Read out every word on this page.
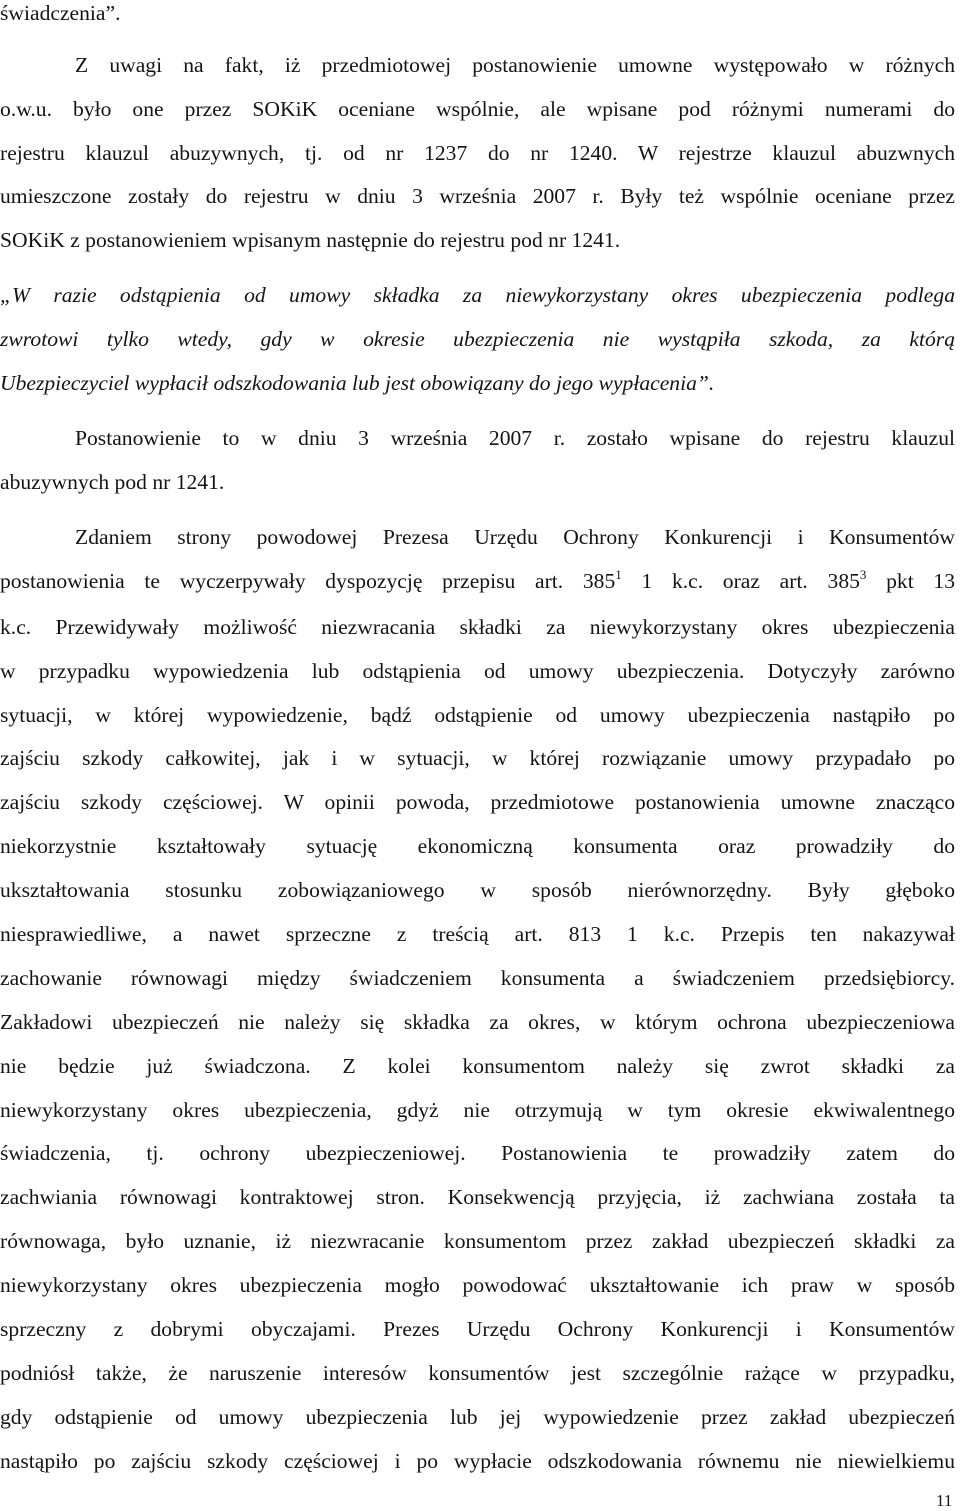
świadczenia”.
Z uwagi na fakt, iż przedmiotowej postanowienie umowne występowało w różnych
o.w.u. było one przez SOKiK oceniane wspólnie, ale wpisane pod różnymi numerami do
rejestru klauzul abuzywnych, tj. od nr 1237 do nr 1240. W rejestrze klauzul abuzwnych
umieszczone zostały do rejestru w dniu 3 września 2007 r. Były też wspólnie oceniane przez
SOKiK z postanowieniem wpisanym następnie do rejestru pod nr 1241.
„W razie odstąpienia od umowy składka za niewykorzystany okres ubezpieczenia podlega
zwrotowi tylko wtedy, gdy w okresie ubezpieczenia nie wystąpiła szkoda, za którą
Ubezpieczyciel wypłacił odszkodowania lub jest obowiązany do jego wypłacenia”.
Postanowienie to w dniu 3 września 2007 r. zostało wpisane do rejestru klauzul
abuzywnych pod nr 1241.
Zdaniem strony powodowej Prezesa Urzędu Ochrony Konkurencji i Konsumentów
postanowienia te wyczerpywały dyspozycję przepisu art. $385^1$ 1 k.c. oraz art. $385^3$ pkt 13
k.c. Przewidywały możliwość niezwracania składki za niewykorzystany okres ubezpieczenia
w przypadku wypowiedzenia lub odstąpienia od umowy ubezpieczenia. Dotyczyły zarówno
sytuacji, w której wypowiedzenie, bądź odstąpienie od umowy ubezpieczenia nastąpiło po
zajściu szkody całkowitej, jak i w sytuacji, w której rozwiązanie umowy przypadało po
zajściu szkody częściowej. W opinii powoda, przedmiotowe postanowienia umowne znacząco
niekorzystnie kształtowały sytuację ekonomiczną konsumenta oraz prowadziły do
ukształtowania stosunku zobowiązaniowego w sposób nierównorzędny. Były głęboko
niesprawiedliwe, a nawet sprzeczne z treścią art. 813 1 k.c. Przepis ten nakazywał
zachowanie równowagi między świadczeniem konsumenta a świadczeniem przedsiębiorcy.
Zakładowi ubezpieczeń nie należy się składka za okres, w którym ochrona ubezpieczeniowa
nie będzie już świadczona. Z kolei konsumentom należy się zwrot składki za
niewykorzystany okres ubezpieczenia, gdyż nie otrzymują w tym okresie ekwiwalentnego
świadczenia, tj. ochrony ubezpieczeniowej. Postanowienia te prowadziły zatem do
zachwiania równowagi kontraktowej stron. Konsekwencją przyjęcia, iż zachwiana została ta
równowaga, było uznanie, iż niezwracanie konsumentom przez zakład ubezpieczeń składki za
niewykorzystany okres ubezpieczenia mogło powodować ukształtowanie ich praw w sposób
sprzeczny z dobrymi obyczajami. Prezes Urzędu Ochrony Konkurencji i Konsumentów
podniósł także, że naruszenie interesów konsumentów jest szczególnie rażące w przypadku,
gdy odstąpienie od umowy ubezpieczenia lub jej wypowiedzenie przez zakład ubezpieczeń
nastąpiło po zajściu szkody częściowej i po wypłacie odszkodowania równemu nie niewielkiemu
11
